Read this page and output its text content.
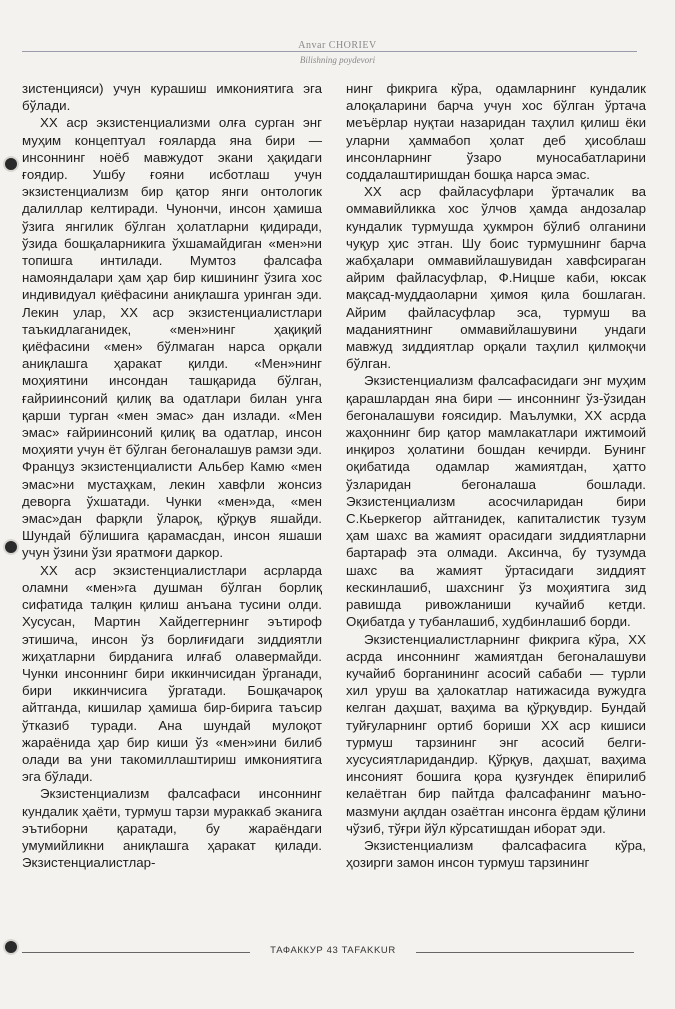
Anvar CHORIEV
Bilishning poydevori

зистенцияси) учун курашиш имкониятига эга бўлади.

XX аср экзистенциализми олға сурган энг муҳим концептуал ғояларда яна бири — инсоннинг ноёб мавжудот экани ҳақидаги ғоядир. Ушбу ғояни исботлаш учун экзистенциализм бир қатор янги онтологик далиллар келтиради. Чунончи, инсон ҳамиша ўзига янгилик бўлган ҳолатларни қидиради, ўзида бошқаларникига ўхшамайдиган «мен»ни топишга интилади. Мумтоз фалсафа намояндалари ҳам ҳар бир кишининг ўзига хос индивидуал қиёфасини аниқлашга уринган эди. Лекин улар, XX аср экзистенциалистлари таъкидлаганидек, «мен»нинг ҳақиқий қиёфасини «мен» бўлмаган нарса орқали аниқлашга ҳаракат қилди. «Мен»нинг моҳиятини инсондан ташқарида бўлган, ғайриинсоний қилиқ ва одатлари билан унга қарши турган «мен эмас» дан излади. «Мен эмас» ғайриинсоний қилиқ ва одатлар, инсон моҳияти учун ёт бўлган бегоналашув рамзи эди. Француз экзистенциалисти Альбер Камю «мен эмас»ни мустаҳкам, лекин хавфли жонсиз деворга ўхшатади. Чунки «мен»да, «мен эмас»дан фарқли ўлароқ, қўрқув яшайди. Шундай бўлишига қарамасдан, инсон яшаши учун ўзини ўзи яратмоғи даркор.

XX аср экзистенциалистлари асрларда оламни «мен»га душман бўлган борлиқ сифатида талқин қилиш анъана тусини олди. Хусусан, Мартин Хайдеггернинг эътироф этишича, инсон ўз борлиғидаги зиддиятли жиҳатларни бирданига илғаб олавермайди. Чунки инсоннинг бири иккинчисидан ўрганади, бири иккинчисига ўргатади. Бошқачароқ айтганда, кишилар ҳамиша бир-бирига таъсир ўтказиб туради. Ана шундай мулоқот жараёнида ҳар бир киши ўз «мен»ини билиб олади ва уни такомиллаштириш имкониятига эга бўлади.

Экзистенциализм фалсафаси инсоннинг кундалик ҳаёти, турмуш тарзи мураккаб эканига эътиборни қаратади, бу жараёндаги умумийликни аниқлашга ҳаракат қилади. Экзистенциалистлар-

нинг фикрига кўра, одамларнинг кундалик алоқаларини барча учун хос бўлган ўртача меъёрлар нуқтаи назаридан таҳлил қилиш ёки уларни ҳаммабоп ҳолат деб ҳисоблаш инсонларнинг ўзаро муносабатларини соддалаштиришдан бошқа нарса эмас.

XX аср файласуфлари ўртачалик ва оммавийликка хос ўлчов ҳамда андозалар кундалик турмушда ҳукмрон бўлиб олганини чуқур ҳис этган. Шу боис турмушнинг барча жабҳалари оммавийлашувидан хавфсираган айрим файласуфлар, Ф.Ницше каби, юксак мақсад-муддаоларни ҳимоя қила бошлаган. Айрим файласуфлар эса, турмуш ва маданиятнинг оммавийлашувини ундаги мавжуд зиддиятлар орқали таҳлил қилмоқчи бўлган.

Экзистенциализм фалсафасидаги энг муҳим қарашлардан яна бири — инсоннинг ўз-ўзидан бегоналашуви ғоясидир. Маълумки, XX асрда жаҳоннинг бир қатор мамлакатлари ижтимоий инқироз ҳолатини бошдан кечирди. Бунинг оқибатида одамлар жамиятдан, ҳатто ўзларидан бегоналаша бошлади. Экзистенциализм асосчиларидан бири С.Кьеркегор айтганидек, капиталистик тузум ҳам шахс ва жамият орасидаги зиддиятларни бартараф эта олмади. Аксинча, бу тузумда шахс ва жамият ўртасидаги зиддият кескинлашиб, шахснинг ўз моҳиятига зид равишда ривожланиши кучайиб кетди. Оқибатда у тубанлашиб, худбинлашиб борди.

Экзистенциалистларнинг фикрига кўра, XX асрда инсоннинг жамиятдан бегоналашуви кучайиб борганининг асосий сабаби — турли хил уруш ва ҳалокатлар натижасида вужудга келган даҳшат, ваҳима ва қўрқувдир. Бундай туйғуларнинг ортиб бориши XX аср кишиси турмуш тарзининг энг асосий белги-хусусиятларидандир. Қўрқув, даҳшат, ваҳима инсоният бошига қора қузғундек ёпирилиб келаётган бир пайтда фалсафанинг маъно-мазмуни ақлдан озаётган инсонга ёрдам қўлини чўзиб, тўғри йўл кўрсатишдан иборат эди.

Экзистенциализм фалсафасига кўра, ҳозирги замон инсон турмуш тарзининг

ТАФАККУР 43 TAFAKKUR
